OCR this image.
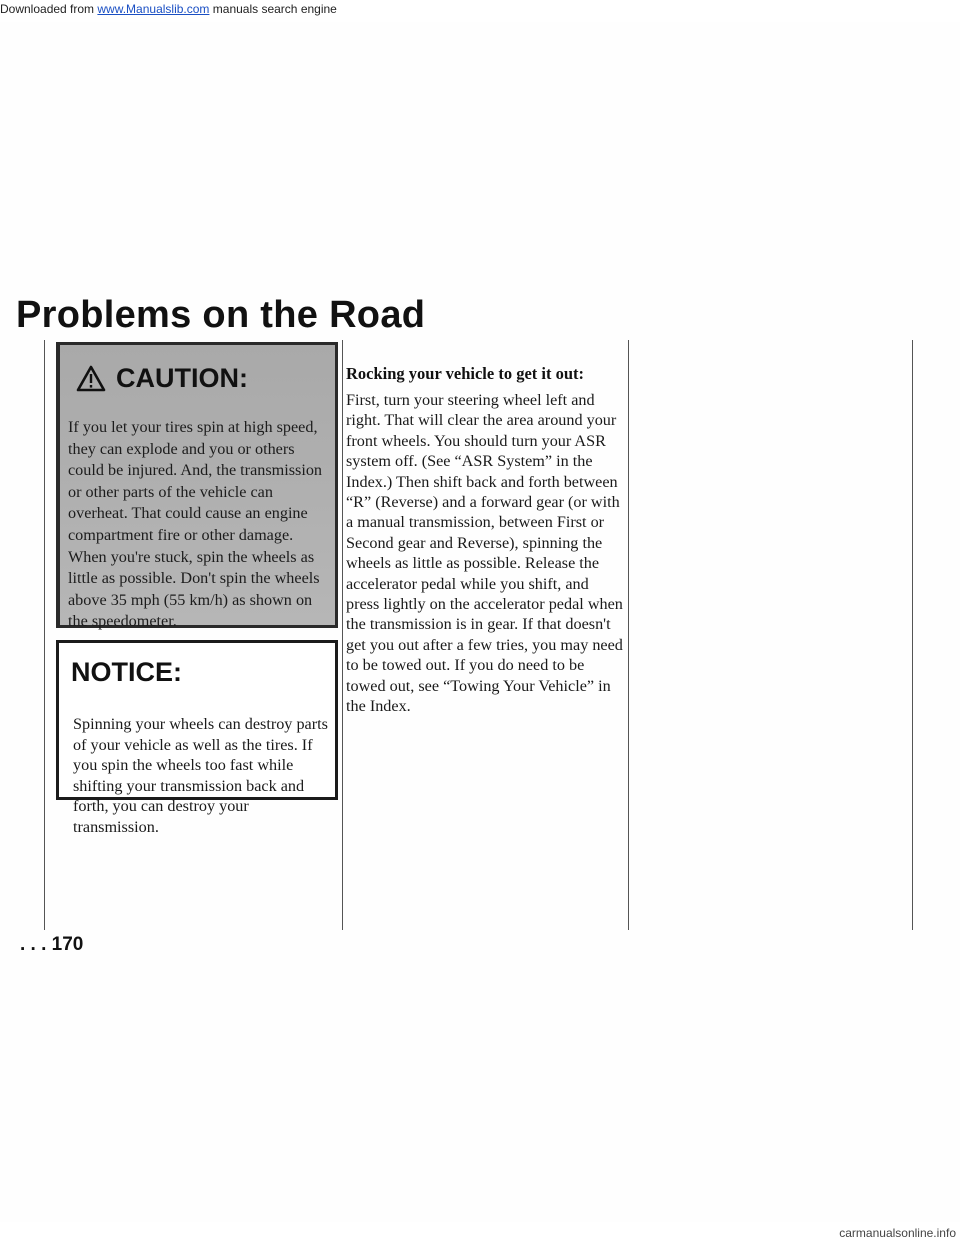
Downloaded from www.Manualslib.com manuals search engine
Problems on the Road
CAUTION:
If you let your tires spin at high speed, they can explode and you or others could be injured. And, the transmission or other parts of the vehicle can overheat. That could cause an engine compartment fire or other damage. When you're stuck, spin the wheels as little as possible. Don't spin the wheels above 35 mph (55 km/h) as shown on the speedometer.
NOTICE:
Spinning your wheels can destroy parts of your vehicle as well as the tires. If you spin the wheels too fast while shifting your transmission back and forth, you can destroy your transmission.
Rocking your vehicle to get it out:
First, turn your steering wheel left and right. That will clear the area around your front wheels. You should turn your ASR system off. (See “ASR System” in the Index.) Then shift back and forth between “R” (Reverse) and a forward gear (or with a manual transmission, between First or Second gear and Reverse), spinning the wheels as little as possible. Release the accelerator pedal while you shift, and press lightly on the accelerator pedal when the transmission is in gear. If that doesn't get you out after a few tries, you may need to be towed out. If you do need to be towed out, see “Towing Your Vehicle” in the Index.
. . . 170
carmanualsonline.info
